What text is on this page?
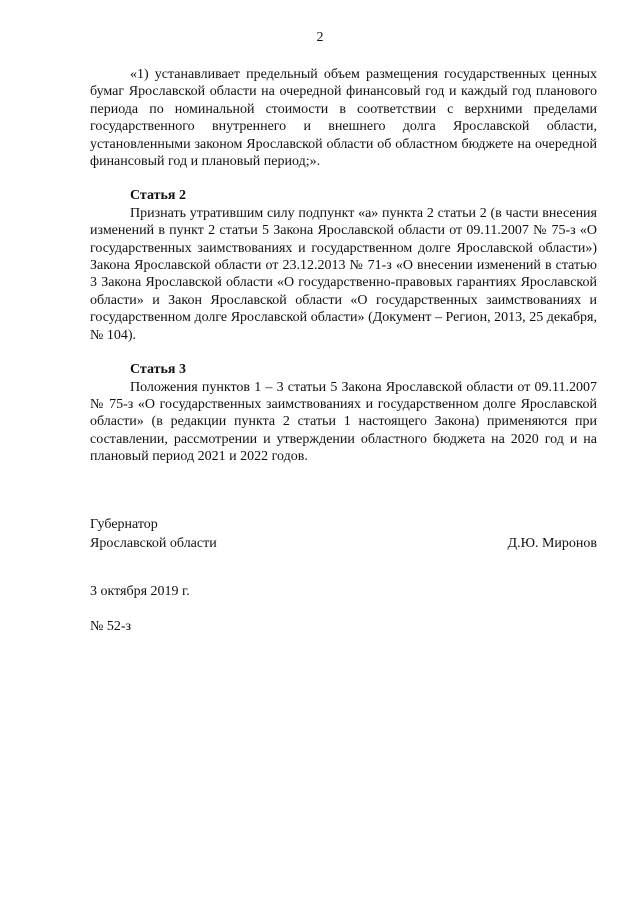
2

«1) устанавливает предельный объем размещения государственных ценных бумаг Ярославской области на очередной финансовый год и каждый год планового периода по номинальной стоимости в соответствии с верхними пределами государственного внутреннего и внешнего долга Ярославской области, установленными законом Ярославской области об областном бюджете на очередной финансовый год и плановый период;».

Статья 2

Признать утратившим силу подпункт «а» пункта 2 статьи 2 (в части внесения изменений в пункт 2 статьи 5 Закона Ярославской области от 09.11.2007 № 75-з «О государственных заимствованиях и государственном долге Ярославской области») Закона Ярославской области от 23.12.2013 № 71-з «О внесении изменений в статью 3 Закона Ярославской области «О государственно-правовых гарантиях Ярославской области» и Закон Ярославской области «О государственных заимствованиях и государственном долге Ярославской области» (Документ – Регион, 2013, 25 декабря, № 104).

Статья 3

Положения пунктов 1 – 3 статьи 5 Закона Ярославской области от 09.11.2007 № 75-з «О государственных заимствованиях и государственном долге Ярославской области» (в редакции пункта 2 статьи 1 настоящего Закона) применяются при составлении, рассмотрении и утверждении областного бюджета на 2020 год и на плановый период 2021 и 2022 годов.

Губернатор
Ярославской области	Д.Ю. Миронов
3 октября 2019 г.
№ 52-з
